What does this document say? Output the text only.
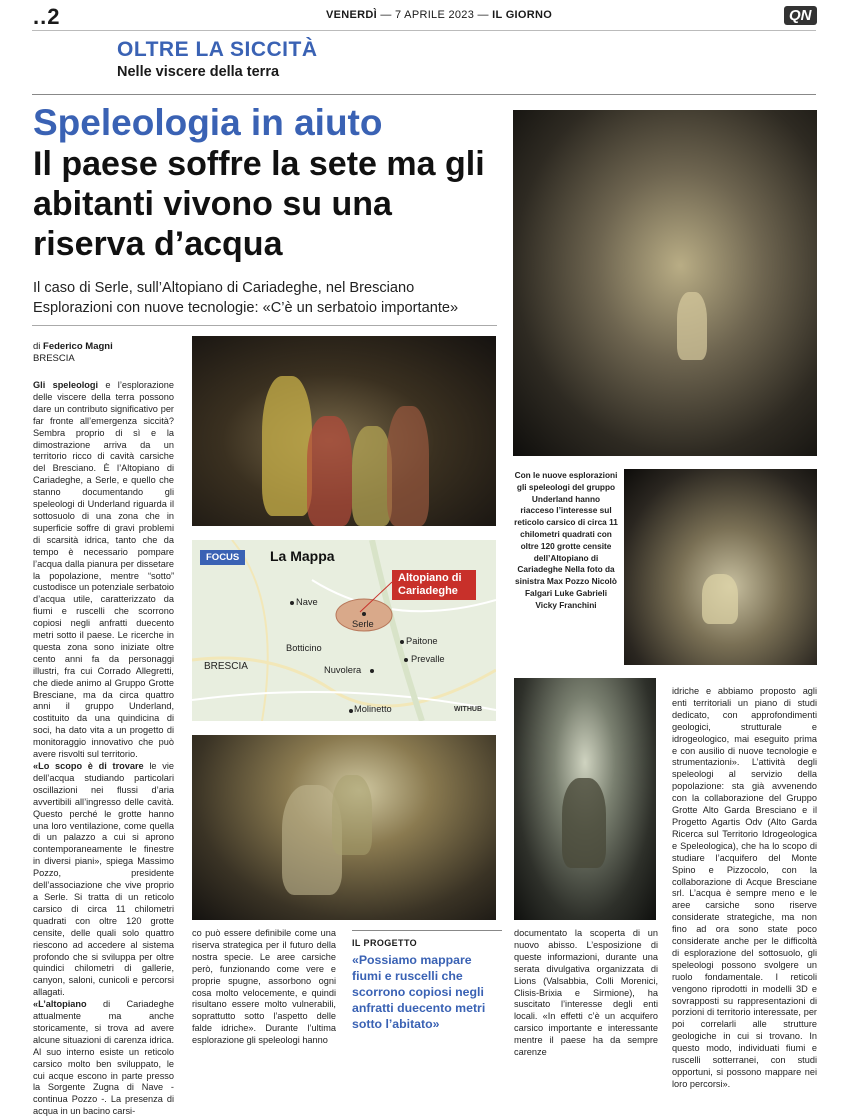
..2	VENERDÌ — 7 APRILE 2023 — IL GIORNO	QN
OLTRE LA SICCITÀ
Nelle viscere della terra
Speleologia in aiuto
Il paese soffre la sete ma gli abitanti vivono su una riserva d’acqua
Il caso di Serle, sull’Altopiano di Cariadeghe, nel Bresciano
Esplorazioni con nuove tecnologie: «C’è un serbatoio importante»
di Federico Magni
BRESCIA
Gli speleologi e l’esplorazione delle viscere della terra possono dare un contributo significativo per far fronte all’emergenza siccità? Sembra proprio di sì e la dimostrazione arriva da un territorio ricco di cavità carsiche del Bresciano. È l’Altopiano di Cariadeghe, a Serle, e quello che stanno documentando gli speleologi di Underland riguarda il sottosuolo di una zona che in superficie soffre di gravi problemi di scarsità idrica, tanto che da tempo è necessario pompare l’acqua dalla pianura per dissetare la popolazione, mentre “sotto” custodisce un potenziale serbatoio d’acqua utile, caratterizzato da fiumi e ruscelli che scorrono copiosi negli anfratti duecento metri sotto il paese. Le ricerche in questa zona sono iniziate oltre cento anni fa da personaggi illustri, fra cui Corrado Allegretti, che diede animo al Gruppo Grotte Bresciane, ma da circa quattro anni il gruppo Underland, costituito da una quindicina di soci, ha dato vita a un progetto di monitoraggio innovativo che può avere risvolti sul territorio.
«Lo scopo è di trovare le vie dell’acqua studiando particolari oscillazioni nei flussi d’aria avvertibili all’ingresso delle cavità. Questo perché le grotte hanno una loro ventilazione, come quella di un palazzo a cui si aprono contemporaneamente le finestre in diversi piani», spiega Massimo Pozzo, presidente dell’associazione che vive proprio a Serle. Si tratta di un reticolo carsico di circa 11 chilometri quadrati con oltre 120 grotte censite, delle quali solo quattro riescono ad accedere al sistema profondo che si sviluppa per oltre quindici chilometri di gallerie, canyon, saloni, cunicoli e percorsi allagati.
«L’altopiano di Cariadeghe attualmente ma anche storicamente, si trova ad avere alcune situazioni di carenza idrica. Al suo interno esiste un reticolo carsico molto ben sviluppato, le cui acque escono in parte presso la Sorgente Zugna di Nave - continua Pozzo -. La presenza di acqua in un bacino carsi-
FOCUS	La Mappa
Altopiano di Cariadeghe
Nave
Serle
Botticino
Paitone
Prevalle
BRESCIA	Nuvolera
Molinetto	WITHUB
Con le nuove esplorazioni gli speleologi del gruppo Underland hanno riacceso l’interesse sul reticolo carsico di circa 11 chilometri quadrati con oltre 120 grotte censite dell’Altopiano di Cariadeghe Nella foto da sinistra Max Pozzo Nicolò Falgari Luke Gabrieli Vicky Franchini
co può essere definibile come una riserva strategica per il futuro della nostra specie. Le aree carsiche però, funzionando come vere e proprie spugne, assorbono ogni cosa molto velocemente, e quindi risultano essere molto vulnerabili, soprattutto sotto l’aspetto delle falde idriche». Durante l’ultima esplorazione gli speleologi hanno
IL PROGETTO
«Possiamo mappare fiumi e ruscelli che scorrono copiosi negli anfratti duecento metri sotto l’abitato»
documentato la scoperta di un nuovo abisso. L’esposizione di queste informazioni, durante una serata divulgativa organizzata di Lions (Valsabbia, Colli Morenici, Clisis-Brixia e Sirmione), ha suscitato l’interesse degli enti locali. «In effetti c’è un acquifero carsico importante e interessante mentre il paese ha da sempre carenze
idriche e abbiamo proposto agli enti territoriali un piano di studi dedicato, con approfondimenti geologici, strutturale e idrogeologico, mai eseguito prima e con ausilio di nuove tecnologie e strumentazioni». L’attività degli speleologi al servizio della popolazione: sta già avvenendo con la collaborazione del Gruppo Grotte Alto Garda Bresciano e il Progetto Agartis Odv (Alto Garda Ricerca sul Territorio Idrogeologica e Speleologica), che ha lo scopo di studiare l’acquifero del Monte Spino e Pizzocolo, con la collaborazione di Acque Bresciane srl. L’acqua è sempre meno e le aree carsiche sono riserve considerate strategiche, ma non fino ad ora sono state poco considerate anche per le difficoltà di esplorazione del sottosuolo, gli speleologi possono svolgere un ruolo fondamentale. I reticoli vengono riprodotti in modelli 3D e sovrapposti su rappresentazioni di porzioni di territorio interessate, per poi correlarli alle strutture geologiche in cui si trovano. In questo modo, individuati fiumi e ruscelli sotterranei, con studi opportuni, si possono mappare nei loro percorsi».
